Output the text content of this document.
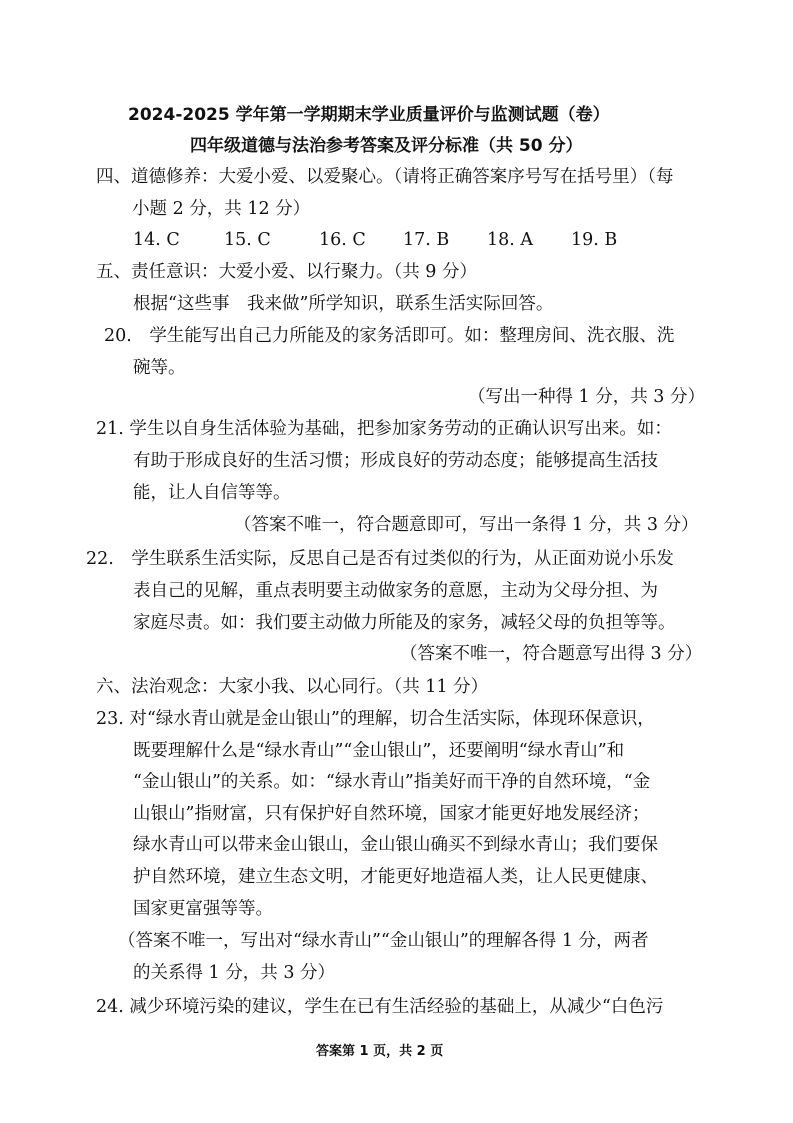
2024-2025 学年第一学期期末学业质量评价与监测试题（卷）
四年级道德与法治参考答案及评分标准（共 50 分）
四、道德修养：大爱小爱、以爱聚心。（请将正确答案序号写在括号里）（每
小题 2 分，共 12 分）
14. C	15. C	16. C 17. B 18. A 19. B
五、责任意识：大爱小爱、以行聚力。（共 9 分）
根据“这些事　我来做”所学知识，联系生活实际回答。
20.　学生能写出自己力所能及的家务活即可。如：整理房间、洗衣服、洗
碗等。
（写出一种得 1 分，共 3 分）
21. 学生以自身生活体验为基础，把参加家务劳动的正确认识写出来。如：
有助于形成良好的生活习惯；形成良好的劳动态度；能够提高生活技
能，让人自信等等。
（答案不唯一，符合题意即可，写出一条得 1 分，共 3 分）
22.　学生联系生活实际，反思自己是否有过类似的行为，从正面劝说小乐发
表自己的见解，重点表明要主动做家务的意愿，主动为父母分担、为
家庭尽责。如：我们要主动做力所能及的家务，减轻父母的负担等等。
（答案不唯一，符合题意写出得 3 分）
六、法治观念：大家小我、以心同行。（共 11 分）
23. 对“绿水青山就是金山银山”的理解，切合生活实际，体现环保意识，
既要理解什么是“绿水青山”“金山银山”，还要阐明“绿水青山”和
“金山银山”的关系。如：“绿水青山”指美好而干净的自然环境，“金
山银山”指财富，只有保护好自然环境，国家才能更好地发展经济；
绿水青山可以带来金山银山，金山银山确买不到绿水青山；我们要保
护自然环境，建立生态文明，才能更好地造福人类，让人民更健康、
国家更富强等等。
（答案不唯一，写出对“绿水青山”“金山银山”的理解各得 1 分，两者
的关系得 1 分，共 3 分）
24. 减少环境污染的建议，学生在已有生活经验的基础上，从减少“白色污
答案第 1 页，共 2 页
